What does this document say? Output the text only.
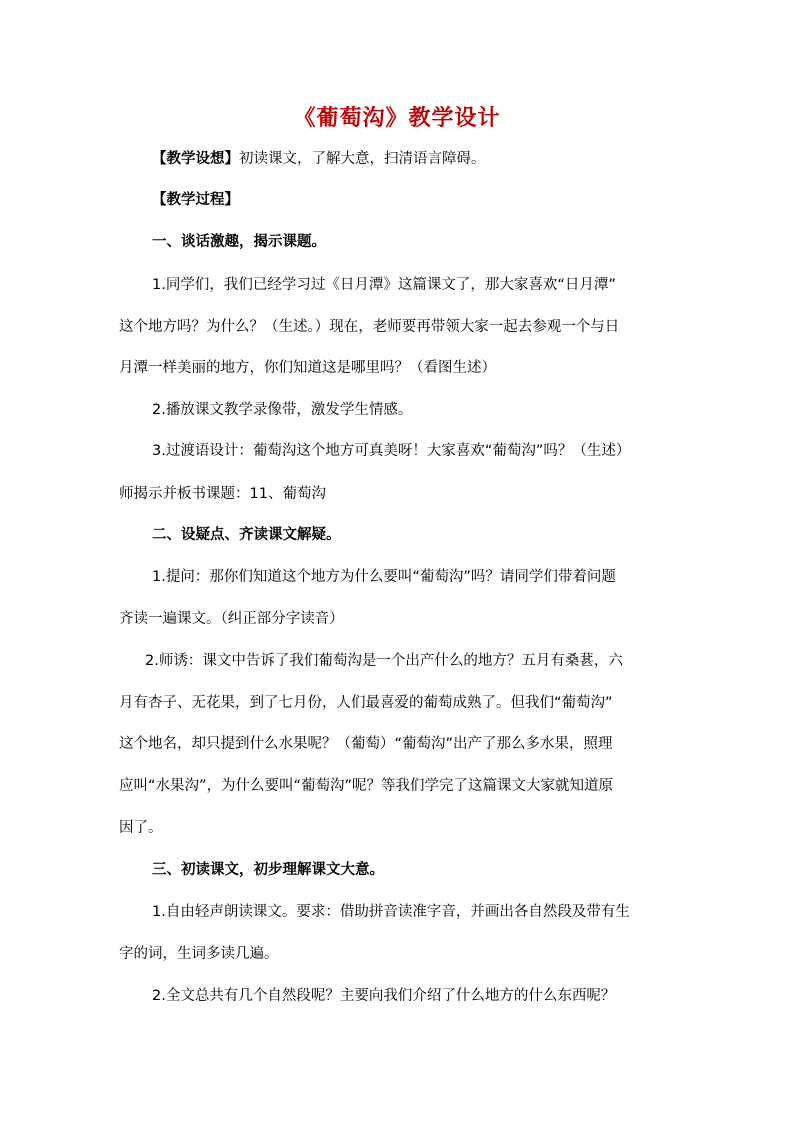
《葡萄沟》教学设计
【教学设想】初读课文，了解大意，扫清语言障碍。
【教学过程】
一、谈话激趣，揭示课题。
1.同学们，我们已经学习过《日月潭》这篇课文了，那大家喜欢“日月潭”
这个地方吗？为什么？（生述。）现在，老师要再带领大家一起去参观一个与日
月潭一样美丽的地方，你们知道这是哪里吗？（看图生述）
2.播放课文教学录像带，激发学生情感。
3.过渡语设计：葡萄沟这个地方可真美呀！大家喜欢“葡萄沟”吗？（生述）
师揭示并板书课题：11、葡萄沟
二、设疑点、齐读课文解疑。
1.提问：那你们知道这个地方为什么要叫“葡萄沟”吗？请同学们带着问题
齐读一遍课文。（纠正部分字读音）
2.师诱：课文中告诉了我们葡萄沟是一个出产什么的地方？五月有桑葚，六
月有杏子、无花果，到了七月份，人们最喜爱的葡萄成熟了。但我们“葡萄沟”
这个地名，却只提到什么水果呢？（葡萄）“葡萄沟”出产了那么多水果，照理
应叫“水果沟”，为什么要叫“葡萄沟”呢？等我们学完了这篇课文大家就知道原
因了。
三、初读课文，初步理解课文大意。
1.自由轻声朗读课文。要求：借助拼音读准字音，并画出各自然段及带有生
字的词，生词多读几遍。
2.全文总共有几个自然段呢？主要向我们介绍了什么地方的什么东西呢？
